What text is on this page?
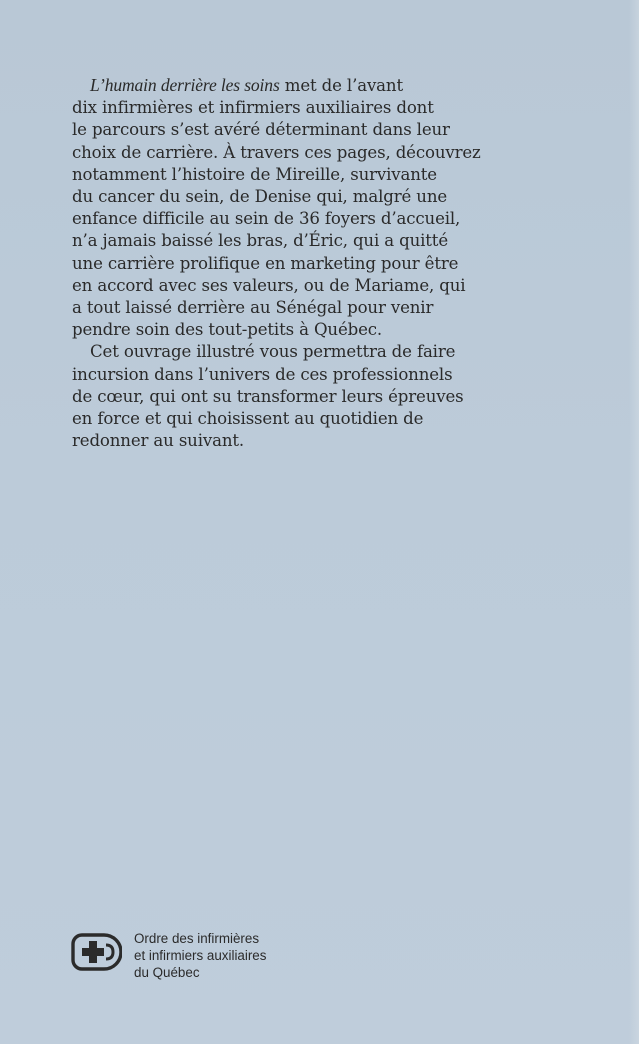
L’humain derrière les soins met de l’avant
dix infirmières et infirmiers auxiliaires dont
le parcours s’est avéré déterminant dans leur
choix de carrière. À travers ces pages, découvrez
notamment l’histoire de Mireille, survivante
du cancer du sein, de Denise qui, malgré une
enfance difficile au sein de 36 foyers d’accueil,
n’a jamais baissé les bras, d’Éric, qui a quitté
une carrière prolifique en marketing pour être
en accord avec ses valeurs, ou de Mariame, qui
a tout laissé derrière au Sénégal pour venir
pendre soin des tout-petits à Québec.
Cet ouvrage illustré vous permettra de faire
incursion dans l’univers de ces professionnels
de cœur, qui ont su transformer leurs épreuves
en force et qui choisissent au quotidien de
redonner au suivant.
Ordre des infirmières
et infirmiers auxiliaires
du Québec
